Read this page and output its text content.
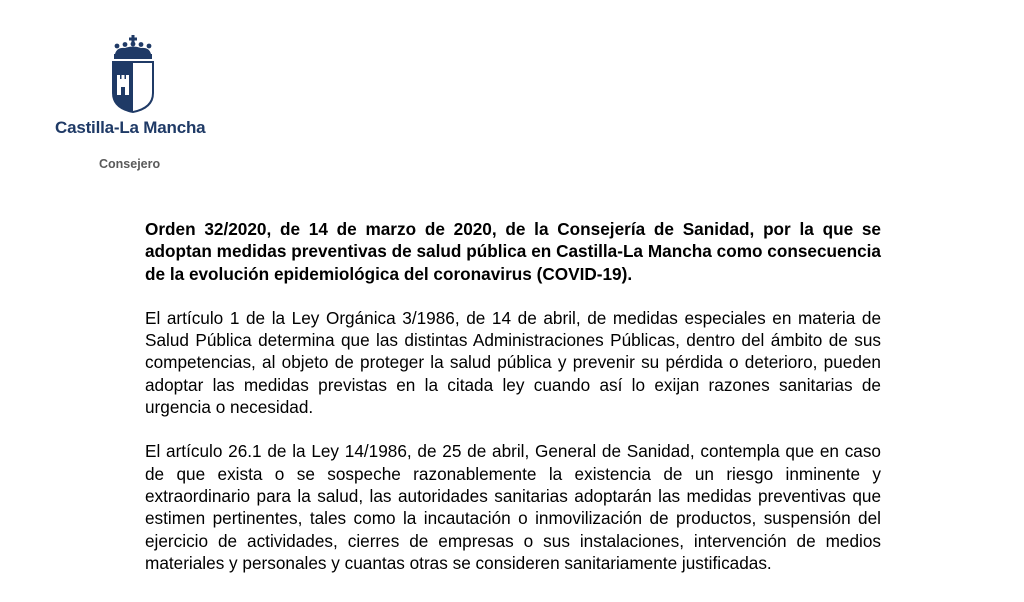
Castilla-La Mancha
Consejero

Orden 32/2020, de 14 de marzo de 2020, de la Consejería de Sanidad, por la que se adoptan medidas preventivas de salud pública en Castilla-La Mancha como consecuencia de la evolución epidemiológica del coronavirus (COVID-19).

El artículo 1 de la Ley Orgánica 3/1986, de 14 de abril, de medidas especiales en materia de Salud Pública determina que las distintas Administraciones Públicas, dentro del ámbito de sus competencias, al objeto de proteger la salud pública y prevenir su pérdida o deterioro, pueden adoptar las medidas previstas en la citada ley cuando así lo exijan razones sanitarias de urgencia o necesidad.

El artículo 26.1 de la Ley 14/1986, de 25 de abril, General de Sanidad, contempla que en caso de que exista o se sospeche razonablemente la existencia de un riesgo inminente y extraordinario para la salud, las autoridades sanitarias adoptarán las medidas preventivas que estimen pertinentes, tales como la incautación o inmovilización de productos, suspensión del ejercicio de actividades, cierres de empresas o sus instalaciones, intervención de medios materiales y personales y cuantas otras se consideren sanitariamente justificadas.
